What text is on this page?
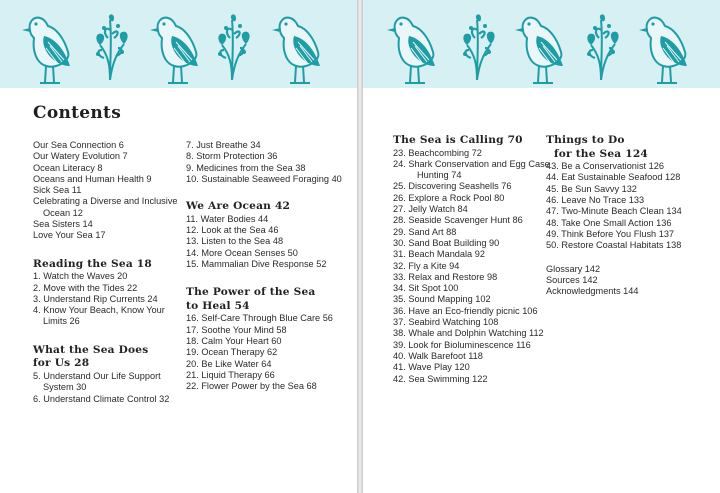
Contents
Our Sea Connection 6
Our Watery Evolution 7
Ocean Literacy 8
Oceans and Human Health 9
Sick Sea 11
Celebrating a Diverse and Inclusive
Ocean 12
Sea Sisters 14
Love Your Sea 17
Reading the Sea 18
1. Watch the Waves 20
2. Move with the Tides 22
3. Understand Rip Currents 24
4. Know Your Beach, Know Your
Limits 26
What the Sea Does
for Us 28
5. Understand Our Life Support
System 30
6. Understand Climate Control 32
7. Just Breathe 34
8. Storm Protection 36
9. Medicines from the Sea 38
10. Sustainable Seaweed Foraging 40
We Are Ocean 42
11. Water Bodies 44
12. Look at the Sea 46
13. Listen to the Sea 48
14. More Ocean Senses 50
15. Mammalian Dive Response 52
The Power of the Sea
to Heal 54
16. Self-Care Through Blue Care 56
17. Soothe Your Mind 58
18. Calm Your Heart 60
19. Ocean Therapy 62
20. Be Like Water 64
21. Liquid Therapy 66
22. Flower Power by the Sea 68
The Sea is Calling 70
23. Beachcombing 72
24. Shark Conservation and Egg Case
Hunting 74
25. Discovering Seashells 76
26. Explore a Rock Pool 80
27. Jelly Watch 84
28. Seaside Scavenger Hunt 86
29. Sand Art 88
30. Sand Boat Building 90
31. Beach Mandala 92
32. Fly a Kite 94
33. Relax and Restore 98
34. Sit Spot 100
35. Sound Mapping 102
36. Have an Eco-friendly picnic 106
37. Seabird Watching 108
38. Whale and Dolphin Watching 112
39. Look for Bioluminescence 116
40. Walk Barefoot 118
41. Wave Play 120
42. Sea Swimming 122
Things to Do
for the Sea 124
43. Be a Conservationist 126
44. Eat Sustainable Seafood 128
45. Be Sun Savvy 132
46. Leave No Trace 133
47. Two-Minute Beach Clean 134
48. Take One Small Action 136
49. Think Before You Flush 137
50. Restore Coastal Habitats 138
Glossary 142
Sources 142
Acknowledgments 144
